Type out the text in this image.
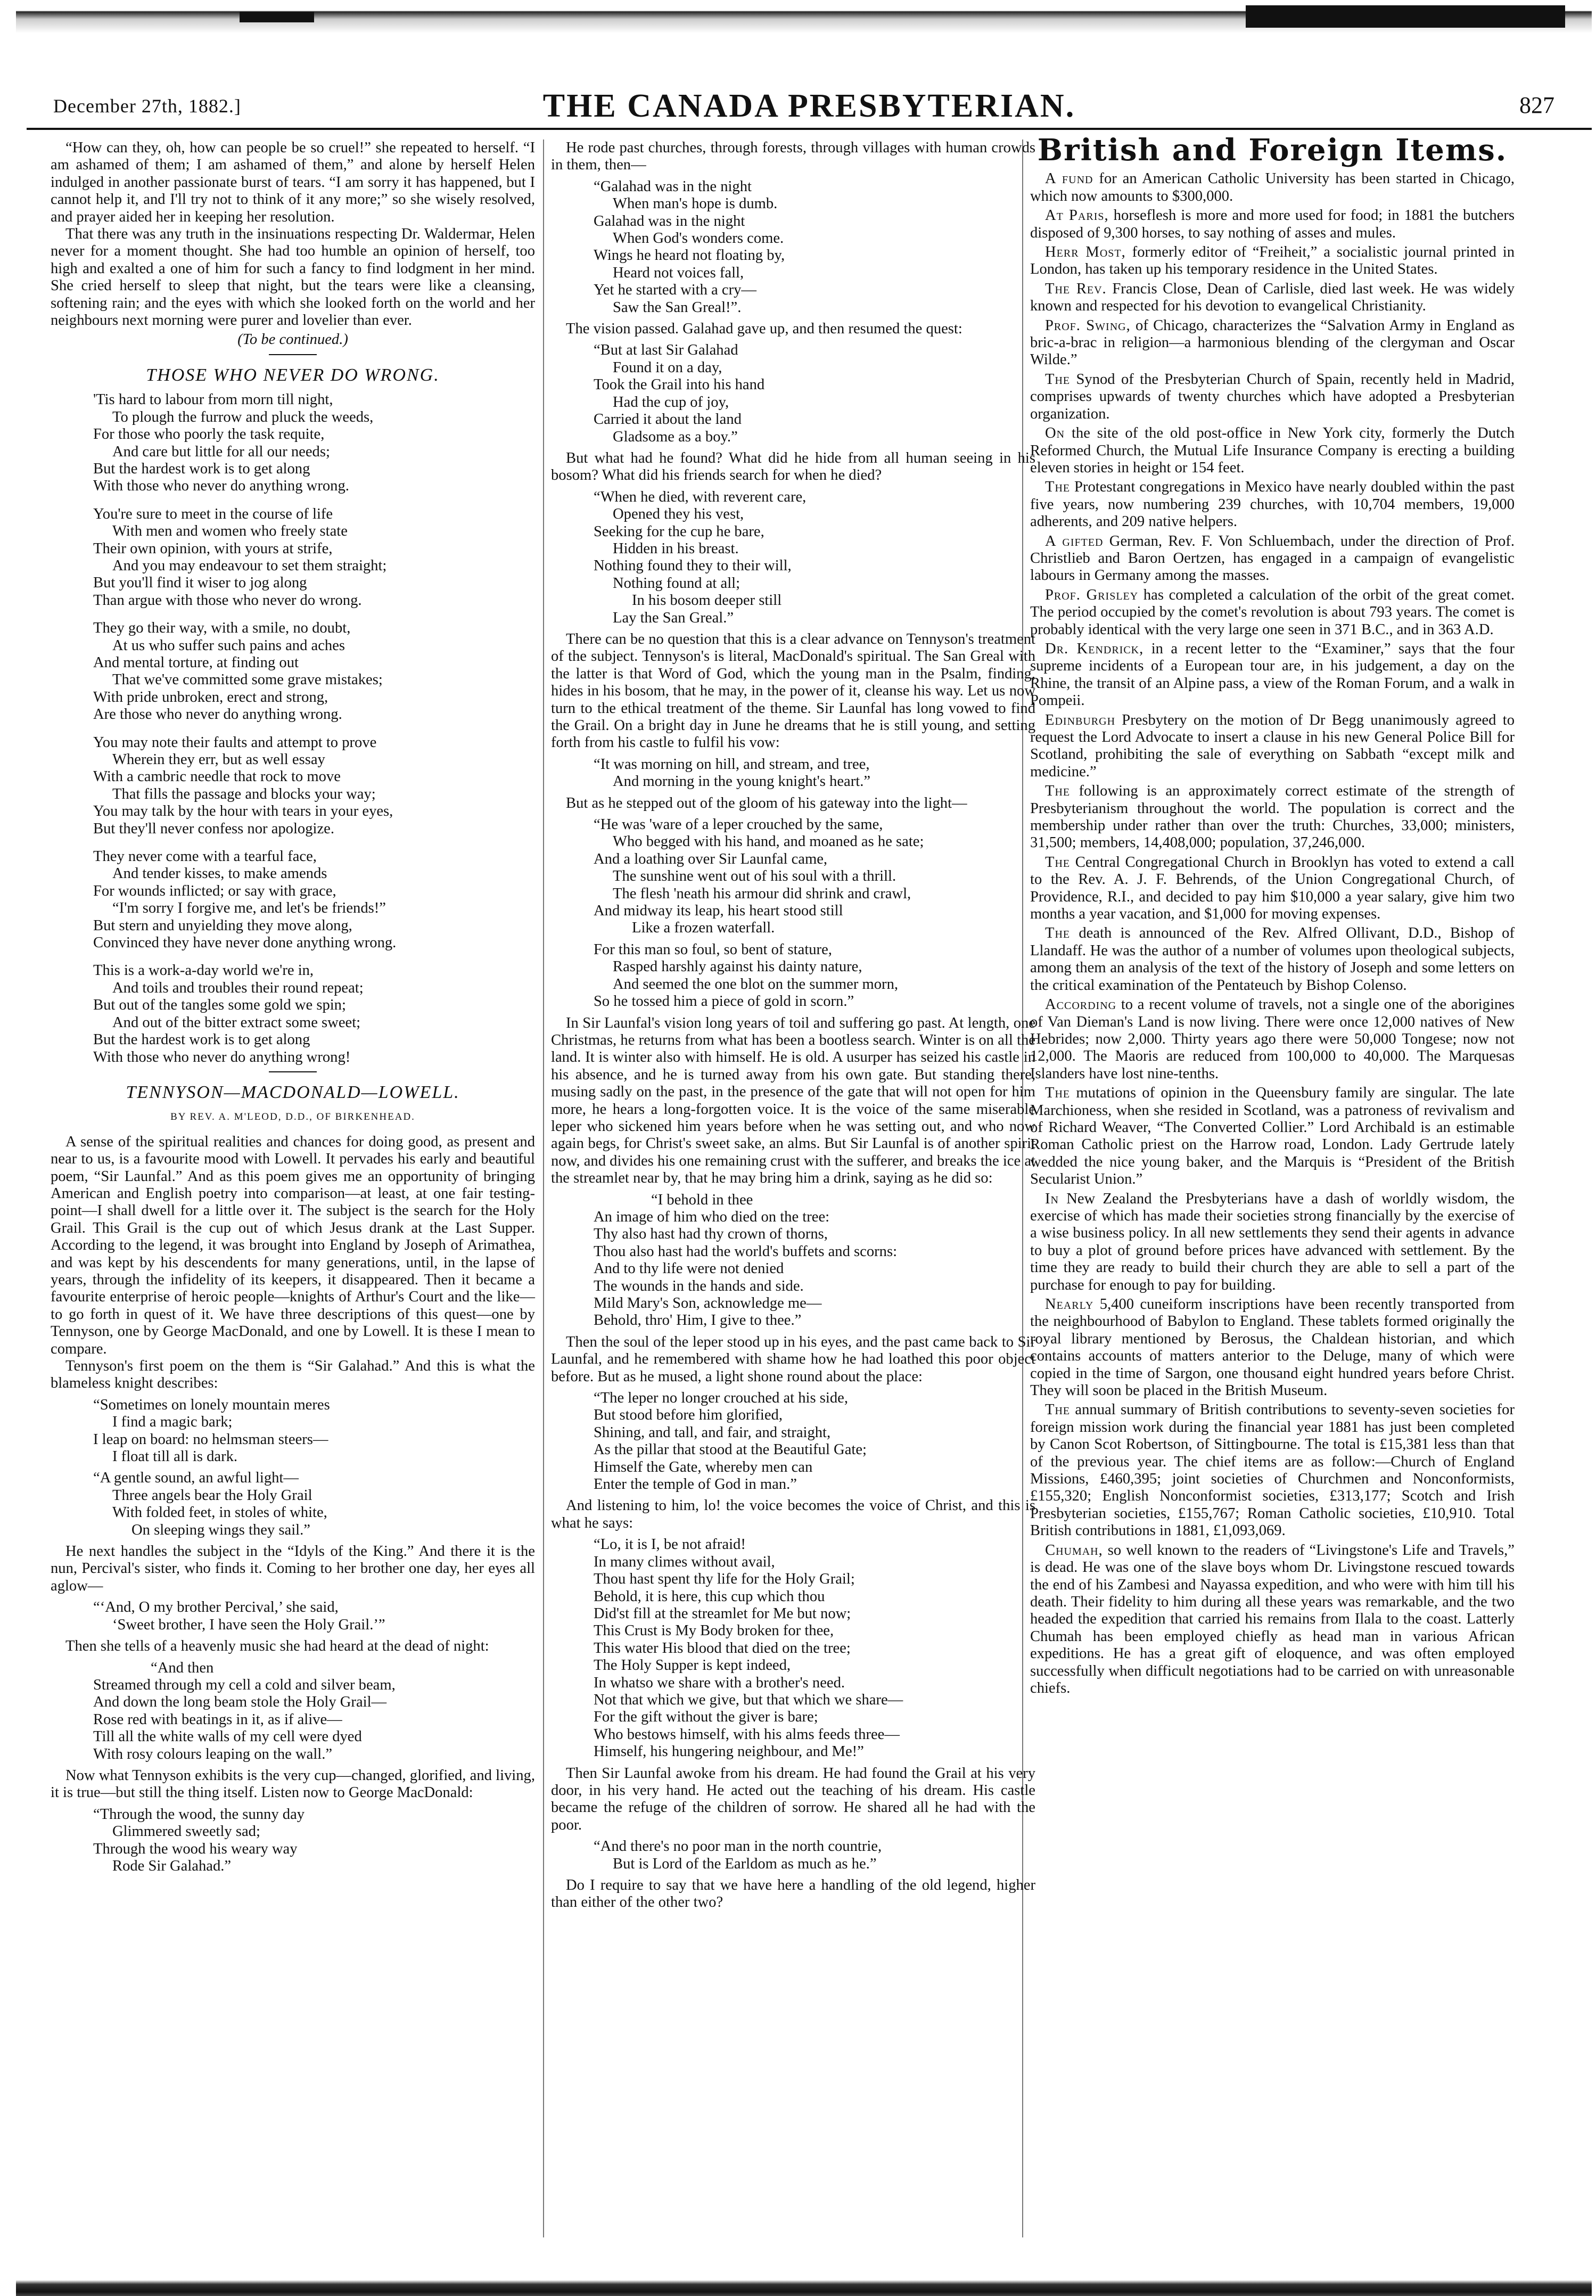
December 27th, 1882.]	THE CANADA PRESBYTERIAN.	827

“How can they, oh, how can people be so cruel!” she repeated to herself. “I am ashamed of them; I am ashamed of them,” and alone by herself Helen indulged in another passionate burst of tears. “I am sorry it has happened, but I cannot help it, and I'll try not to think of it any more;” so she wisely resolved, and prayer aided her in keeping her resolution.

That there was any truth in the insinuations respecting Dr. Waldermar, Helen never for a moment thought. She had too humble an opinion of herself, too high and exalted a one of him for such a fancy to find lodgment in her mind. She cried herself to sleep that night, but the tears were like a cleansing, softening rain; and the eyes with which she looked forth on the world and her neighbours next morning were purer and lovelier than ever.

(To be continued.)
THOSE WHO NEVER DO WRONG.
'Tis hard to labour from morn till night,
To plough the furrow and pluck the weeds,
For those who poorly the task requite,
And care but little for all our needs;
But the hardest work is to get along
With those who never do anything wrong.
You're sure to meet in the course of life
With men and women who freely state
Their own opinion, with yours at strife,
And you may endeavour to set them straight;
But you'll find it wiser to jog along
Than argue with those who never do wrong.
They go their way, with a smile, no doubt,
At us who suffer such pains and aches
And mental torture, at finding out
That we've committed some grave mistakes;
With pride unbroken, erect and strong,
Are those who never do anything wrong.
You may note their faults and attempt to prove
Wherein they err, but as well essay
With a cambric needle that rock to move
That fills the passage and blocks your way;
You may talk by the hour with tears in your eyes,
But they'll never confess nor apologize.
They never come with a tearful face,
And tender kisses, to make amends
For wounds inflicted; or say with grace,
“I'm sorry I forgive me, and let's be friends!”
But stern and unyielding they move along,
Convinced they have never done anything wrong.
This is a work-a-day world we're in,
And toils and troubles their round repeat;
But out of the tangles some gold we spin;
And out of the bitter extract some sweet;
But the hardest work is to get along
With those who never do anything wrong!
TENNYSON—MACDONALD—LOWELL.
BY REV. A. M'LEOD, D.D., OF BIRKENHEAD.

A sense of the spiritual realities and chances for doing good, as present and near to us, is a favourite mood with Lowell. It pervades his early and beautiful poem, “Sir Launfal.” And as this poem gives me an opportunity of bringing American and English poetry into comparison—at least, at one fair testing-point—I shall dwell for a little over it. The subject is the search for the Holy Grail. This Grail is the cup out of which Jesus drank at the Last Supper. According to the legend, it was brought into England by Joseph of Arimathea, and was kept by his descendents for many generations, until, in the lapse of years, through the infidelity of its keepers, it disappeared. Then it became a favourite enterprise of heroic people—knights of Arthur's Court and the like—to go forth in quest of it. We have three descriptions of this quest—one by Tennyson, one by George MacDonald, and one by Lowell. It is these I mean to compare.

Tennyson's first poem on the them is “Sir Galahad.” And this is what the blameless knight describes:

“Sometimes on lonely mountain meres
I find a magic bark;
I leap on board: no helmsman steers—
I float till all is dark.
“A gentle sound, an awful light—
Three angels bear the Holy Grail
With folded feet, in stoles of white,
On sleeping wings they sail.”

He next handles the subject in the “Idyls of the King.” And there it is the nun, Percival's sister, who finds it. Coming to her brother one day, her eyes all aglow—

“‘And, O my brother Percival,’ she said,
‘Sweet brother, I have seen the Holy Grail.’”

Then she tells of a heavenly music she had heard at the dead of night:

“And then
Streamed through my cell a cold and silver beam,
And down the long beam stole the Holy Grail—
Rose red with beatings in it, as if alive—
Till all the white walls of my cell were dyed
With rosy colours leaping on the wall.”

Now what Tennyson exhibits is the very cup—changed, glorified, and living, it is true—but still the thing itself. Listen now to George MacDonald:

“Through the wood, the sunny day
Glimmered sweetly sad;
Through the wood his weary way
Rode Sir Galahad.”

He rode past churches, through forests, through villages with human crowds in them, then—

“Galahad was in the night
When man's hope is dumb.
Galahad was in the night
When God's wonders come.
Wings he heard not floating by,
Heard not voices fall,
Yet he started with a cry—
Saw the San Greal!”.

The vision passed. Galahad gave up, and then resumed the quest:

“But at last Sir Galahad
Found it on a day,
Took the Grail into his hand
Had the cup of joy,
Carried it about the land
Gladsome as a boy.”

But what had he found? What did he hide from all human seeing in his bosom? What did his friends search for when he died?

“When he died, with reverent care,
Opened they his vest,
Seeking for the cup he bare,
Hidden in his breast.
Nothing found they to their will,
Nothing found at all;
In his bosom deeper still
Lay the San Greal.”

There can be no question that this is a clear advance on Tennyson's treatment of the subject. Tennyson's is literal, MacDonald's spiritual. The San Greal with the latter is that Word of God, which the young man in the Psalm, finding, hides in his bosom, that he may, in the power of it, cleanse his way. Let us now turn to the ethical treatment of the theme. Sir Launfal has long vowed to find the Grail. On a bright day in June he dreams that he is still young, and setting forth from his castle to fulfil his vow:

“It was morning on hill, and stream, and tree,
And morning in the young knight's heart.”

But as he stepped out of the gloom of his gateway into the light—

“He was 'ware of a leper crouched by the same,
Who begged with his hand, and moaned as he sate;
And a loathing over Sir Launfal came,
The sunshine went out of his soul with a thrill.
The flesh 'neath his armour did shrink and crawl,
And midway its leap, his heart stood still
Like a frozen waterfall.
For this man so foul, so bent of stature,
Rasped harshly against his dainty nature,
And seemed the one blot on the summer morn,
So he tossed him a piece of gold in scorn.”

In Sir Launfal's vision long years of toil and suffering go past. At length, one Christmas, he returns from what has been a bootless search. Winter is on all the land. It is winter also with himself. He is old. A usurper has seized his castle in his absence, and he is turned away from his own gate. But standing there, musing sadly on the past, in the presence of the gate that will not open for him more, he hears a long-forgotten voice. It is the voice of the same miserable leper who sickened him years before when he was setting out, and who now again begs, for Christ's sweet sake, an alms. But Sir Launfal is of another spirit now, and divides his one remaining crust with the sufferer, and breaks the ice at the streamlet near by, that he may bring him a drink, saying as he did so:

“I behold in thee
An image of him who died on the tree:
Thy also hast had thy crown of thorns,
Thou also hast had the world's buffets and scorns:
And to thy life were not denied
The wounds in the hands and side.
Mild Mary's Son, acknowledge me—
Behold, thro' Him, I give to thee.”

Then the soul of the leper stood up in his eyes, and the past came back to Sir Launfal, and he remembered with shame how he had loathed this poor object before. But as he mused, a light shone round about the place:

“The leper no longer crouched at his side,
But stood before him glorified,
Shining, and tall, and fair, and straight,
As the pillar that stood at the Beautiful Gate;
Himself the Gate, whereby men can
Enter the temple of God in man.”

And listening to him, lo! the voice becomes the voice of Christ, and this is what he says:

“Lo, it is I, be not afraid!
In many climes without avail,
Thou hast spent thy life for the Holy Grail;
Behold, it is here, this cup which thou
Did'st fill at the streamlet for Me but now;
This Crust is My Body broken for thee,
This water His blood that died on the tree;
The Holy Supper is kept indeed,
In whatso we share with a brother's need.
Not that which we give, but that which we share—
For the gift without the giver is bare;
Who bestows himself, with his alms feeds three—
Himself, his hungering neighbour, and Me!”

Then Sir Launfal awoke from his dream. He had found the Grail at his very door, in his very hand. He acted out the teaching of his dream. His castle became the refuge of the children of sorrow. He shared all he had with the poor.

“And there's no poor man in the north countrie,
But is Lord of the Earldom as much as he.”

Do I require to say that we have here a handling of the old legend, higher than either of the other two?

British and Foreign Items.

A fund for an American Catholic University has been started in Chicago, which now amounts to $300,000.

At Paris, horseflesh is more and more used for food; in 1881 the butchers disposed of 9,300 horses, to say nothing of asses and mules.

Herr Most, formerly editor of “Freiheit,” a socialistic journal printed in London, has taken up his temporary residence in the United States.

The Rev. Francis Close, Dean of Carlisle, died last week. He was widely known and respected for his devotion to evangelical Christianity.

Prof. Swing, of Chicago, characterizes the “Salvation Army in England as bric-a-brac in religion—a harmonious blending of the clergyman and Oscar Wilde.”

The Synod of the Presbyterian Church of Spain, recently held in Madrid, comprises upwards of twenty churches which have adopted a Presbyterian organization.

On the site of the old post-office in New York city, formerly the Dutch Reformed Church, the Mutual Life Insurance Company is erecting a building eleven stories in height or 154 feet.

The Protestant congregations in Mexico have nearly doubled within the past five years, now numbering 239 churches, with 10,704 members, 19,000 adherents, and 209 native helpers.

A gifted German, Rev. F. Von Schluembach, under the direction of Prof. Christlieb and Baron Oertzen, has engaged in a campaign of evangelistic labours in Germany among the masses.

Prof. Grisley has completed a calculation of the orbit of the great comet. The period occupied by the comet's revolution is about 793 years. The comet is probably identical with the very large one seen in 371 B.C., and in 363 A.D.

Dr. Kendrick, in a recent letter to the “Examiner,” says that the four supreme incidents of a European tour are, in his judgement, a day on the Rhine, the transit of an Alpine pass, a view of the Roman Forum, and a walk in Pompeii.

Edinburgh Presbytery on the motion of Dr Begg unanimously agreed to request the Lord Advocate to insert a clause in his new General Police Bill for Scotland, prohibiting the sale of everything on Sabbath “except milk and medicine.”

The following is an approximately correct estimate of the strength of Presbyterianism throughout the world. The population is correct and the membership under rather than over the truth: Churches, 33,000; ministers, 31,500; members, 14,408,000; population, 37,246,000.

The Central Congregational Church in Brooklyn has voted to extend a call to the Rev. A. J. F. Behrends, of the Union Congregational Church, of Providence, R.I., and decided to pay him $10,000 a year salary, give him two months a year vacation, and $1,000 for moving expenses.

The death is announced of the Rev. Alfred Ollivant, D.D., Bishop of Llandaff. He was the author of a number of volumes upon theological subjects, among them an analysis of the text of the history of Joseph and some letters on the critical examination of the Pentateuch by Bishop Colenso.

According to a recent volume of travels, not a single one of the aborigines of Van Dieman's Land is now living. There were once 12,000 natives of New Hebrides; now 2,000. Thirty years ago there were 50,000 Tongese; now not 12,000. The Maoris are reduced from 100,000 to 40,000. The Marquesas Islanders have lost nine-tenths.

The mutations of opinion in the Queensbury family are singular. The late Marchioness, when she resided in Scotland, was a patroness of revivalism and of Richard Weaver, “The Converted Collier.” Lord Archibald is an estimable Roman Catholic priest on the Harrow road, London. Lady Gertrude lately wedded the nice young baker, and the Marquis is “President of the British Secularist Union.”

In New Zealand the Presbyterians have a dash of worldly wisdom, the exercise of which has made their societies strong financially by the exercise of a wise business policy. In all new settlements they send their agents in advance to buy a plot of ground before prices have advanced with settlement. By the time they are ready to build their church they are able to sell a part of the purchase for enough to pay for building.

Nearly 5,400 cuneiform inscriptions have been recently transported from the neighbourhood of Babylon to England. These tablets formed originally the royal library mentioned by Berosus, the Chaldean historian, and which contains accounts of matters anterior to the Deluge, many of which were copied in the time of Sargon, one thousand eight hundred years before Christ. They will soon be placed in the British Museum.

The annual summary of British contributions to seventy-seven societies for foreign mission work during the financial year 1881 has just been completed by Canon Scot Robertson, of Sittingbourne. The total is £15,381 less than that of the previous year. The chief items are as follow:—Church of England Missions, £460,395; joint societies of Churchmen and Nonconformists, £155,320; English Nonconformist societies, £313,177; Scotch and Irish Presbyterian societies, £155,767; Roman Catholic societies, £10,910. Total British contributions in 1881, £1,093,069.

Chumah, so well known to the readers of “Livingstone's Life and Travels,” is dead. He was one of the slave boys whom Dr. Livingstone rescued towards the end of his Zambesi and Nayassa expedition, and who were with him till his death. Their fidelity to him during all these years was remarkable, and the two headed the expedition that carried his remains from Ilala to the coast. Latterly Chumah has been employed chiefly as head man in various African expeditions. He has a great gift of eloquence, and was often employed successfully when difficult negotiations had to be carried on with unreasonable chiefs.
